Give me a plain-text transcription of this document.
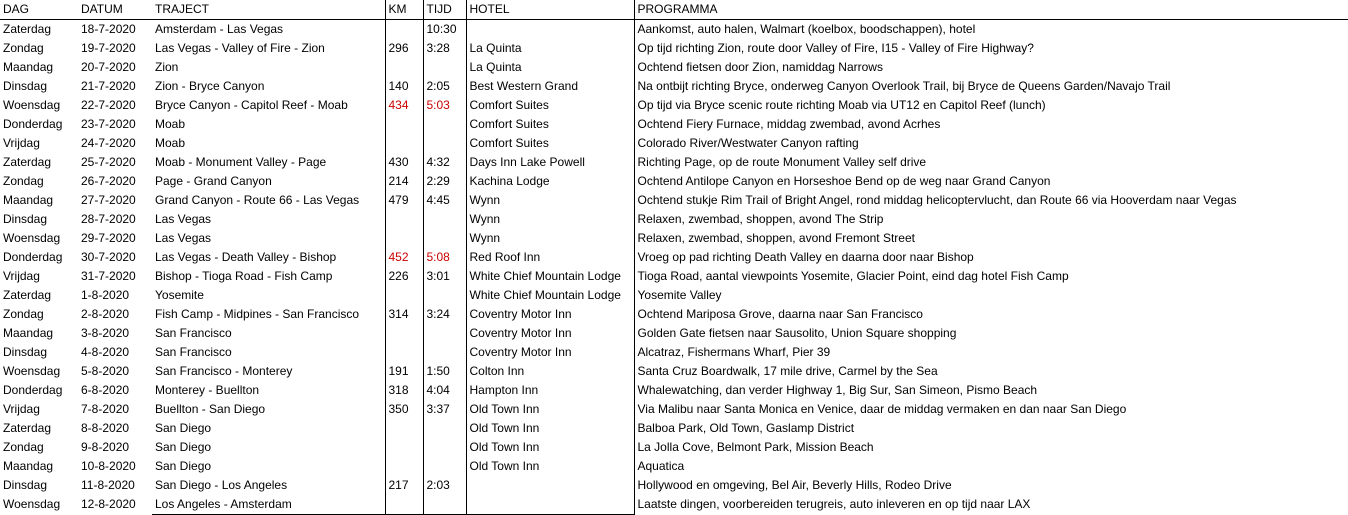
DAG	DATUM	TRAJECT	KM	TIJD	HOTEL	PROGRAMMA
Zaterdag	18-7-2020	Amsterdam - Las Vegas		10:30		Aankomst, auto halen, Walmart (koelbox, boodschappen), hotel
Zondag	19-7-2020	Las Vegas - Valley of Fire - Zion	296	3:28	La Quinta	Op tijd richting Zion, route door Valley of Fire, I15 - Valley of Fire Highway?
Maandag	20-7-2020	Zion			La Quinta	Ochtend fietsen door Zion, namiddag Narrows
Dinsdag	21-7-2020	Zion - Bryce Canyon	140	2:05	Best Western Grand	Na ontbijt richting Bryce, onderweg Canyon Overlook Trail, bij Bryce de Queens Garden/Navajo Trail
Woensdag	22-7-2020	Bryce Canyon - Capitol Reef - Moab	434	5:03	Comfort Suites	Op tijd via Bryce scenic route richting Moab via UT12 en Capitol Reef (lunch)
Donderdag	23-7-2020	Moab			Comfort Suites	Ochtend Fiery Furnace, middag zwembad, avond Acrhes
Vrijdag	24-7-2020	Moab			Comfort Suites	Colorado River/Westwater Canyon rafting
Zaterdag	25-7-2020	Moab - Monument Valley - Page	430	4:32	Days Inn Lake Powell	Richting Page, op de route Monument Valley self drive
Zondag	26-7-2020	Page - Grand Canyon	214	2:29	Kachina Lodge	Ochtend Antilope Canyon en Horseshoe Bend op de weg naar Grand Canyon
Maandag	27-7-2020	Grand Canyon - Route 66 - Las Vegas	479	4:45	Wynn	Ochtend stukje Rim Trail of Bright Angel, rond middag helicoptervlucht, dan Route 66 via Hooverdam naar Vegas
Dinsdag	28-7-2020	Las Vegas			Wynn	Relaxen, zwembad, shoppen, avond The Strip
Woensdag	29-7-2020	Las Vegas			Wynn	Relaxen, zwembad, shoppen, avond Fremont Street
Donderdag	30-7-2020	Las Vegas - Death Valley - Bishop	452	5:08	Red Roof Inn	Vroeg op pad richting Death Valley en daarna door naar Bishop
Vrijdag	31-7-2020	Bishop - Tioga Road - Fish Camp	226	3:01	White Chief Mountain Lodge	Tioga Road, aantal viewpoints Yosemite, Glacier Point, eind dag hotel Fish Camp
Zaterdag	1-8-2020	Yosemite			White Chief Mountain Lodge	Yosemite Valley
Zondag	2-8-2020	Fish Camp - Midpines - San Francisco	314	3:24	Coventry Motor Inn	Ochtend Mariposa Grove, daarna naar San Francisco
Maandag	3-8-2020	San Francisco			Coventry Motor Inn	Golden Gate fietsen naar Sausolito, Union Square shopping
Dinsdag	4-8-2020	San Francisco			Coventry Motor Inn	Alcatraz, Fishermans Wharf, Pier 39
Woensdag	5-8-2020	San Francisco - Monterey	191	1:50	Colton Inn	Santa Cruz Boardwalk, 17 mile drive, Carmel by the Sea
Donderdag	6-8-2020	Monterey - Buellton	318	4:04	Hampton Inn	Whalewatching, dan verder Highway 1, Big Sur, San Simeon, Pismo Beach
Vrijdag	7-8-2020	Buellton - San Diego	350	3:37	Old Town Inn	Via Malibu naar Santa Monica en Venice, daar de middag vermaken en dan naar San Diego
Zaterdag	8-8-2020	San Diego			Old Town Inn	Balboa Park, Old Town, Gaslamp District
Zondag	9-8-2020	San Diego			Old Town Inn	La Jolla Cove, Belmont Park, Mission Beach
Maandag	10-8-2020	San Diego			Old Town Inn	Aquatica
Dinsdag	11-8-2020	San Diego - Los Angeles	217	2:03		Hollywood en omgeving, Bel Air, Beverly Hills, Rodeo Drive
Woensdag	12-8-2020	Los Angeles - Amsterdam				Laatste dingen, voorbereiden terugreis, auto inleveren en op tijd naar LAX
